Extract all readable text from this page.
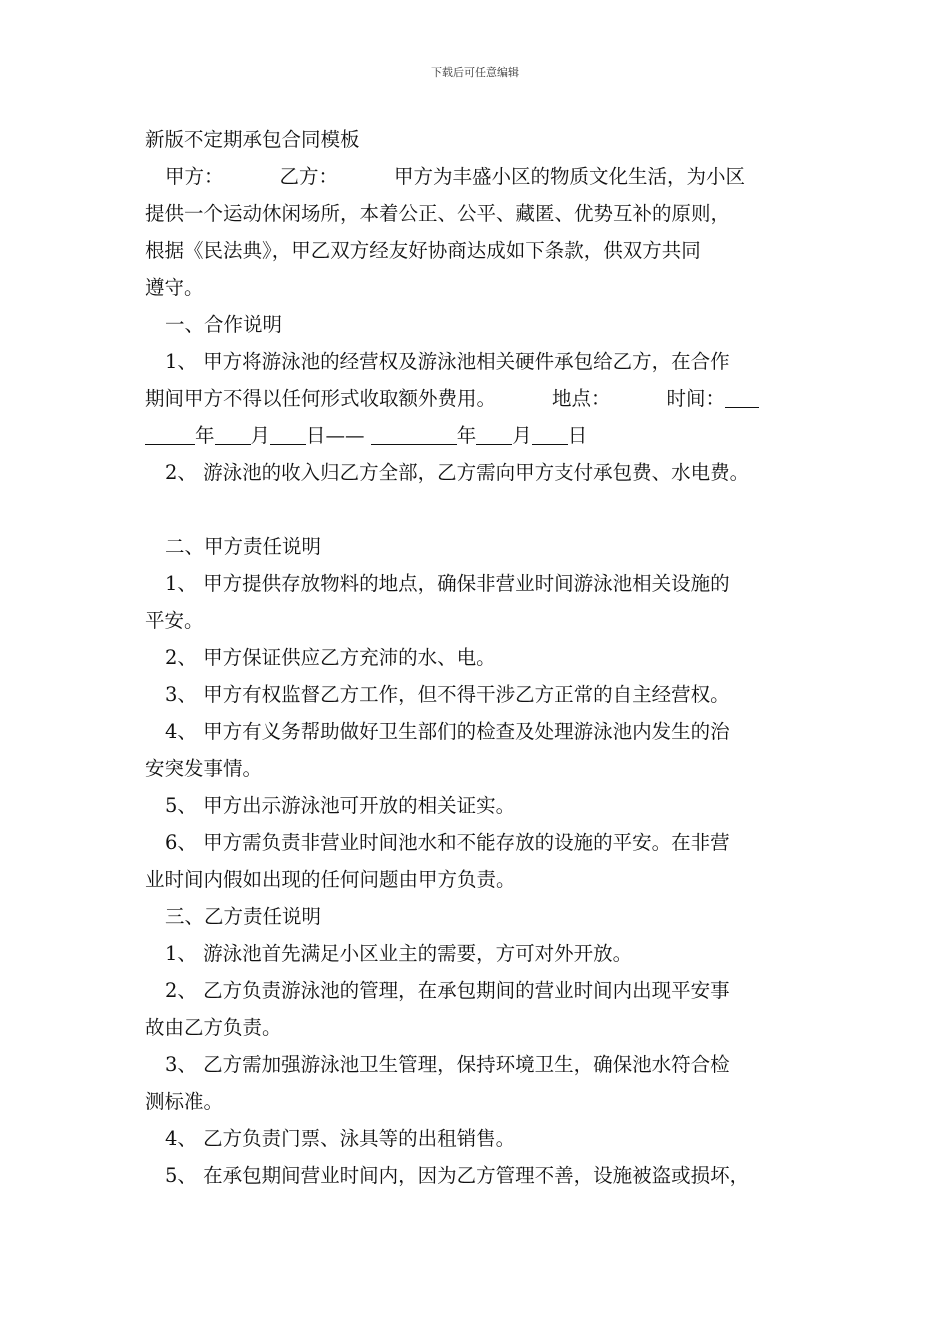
下载后可任意编辑

新版不定期承包合同模板

甲方：	乙方：	甲方为丰盛小区的物质文化生活，为小区

提供一个运动休闲场所，本着公正、公平、藏匿、优势互补的原则，

根据《民法典》，甲乙双方经友好协商达成如下条款，供双方共同

遵守。

一、合作说明

1、 甲方将游泳池的经营权及游泳池相关硬件承包给乙方，在合作

期间甲方不得以任何形式收取额外费用。	地点：	时间：

年 月 日——	年 月 日

2、 游泳池的收入归乙方全部，乙方需向甲方支付承包费、水电费。

二、甲方责任说明

1、 甲方提供存放物料的地点，确保非营业时间游泳池相关设施的

平安。

2、 甲方保证供应乙方充沛的水、电。

3、 甲方有权监督乙方工作，但不得干涉乙方正常的自主经营权。

4、 甲方有义务帮助做好卫生部们的检查及处理游泳池内发生的治

安突发事情。

5、 甲方出示游泳池可开放的相关证实。

6、 甲方需负责非营业时间池水和不能存放的设施的平安。在非营

业时间内假如出现的任何问题由甲方负责。

三、乙方责任说明

1、 游泳池首先满足小区业主的需要，方可对外开放。

2、 乙方负责游泳池的管理，在承包期间的营业时间内出现平安事

故由乙方负责。

3、 乙方需加强游泳池卫生管理，保持环境卫生，确保池水符合检

测标准。

4、 乙方负责门票、泳具等的出租销售。

5、 在承包期间营业时间内，因为乙方管理不善，设施被盗或损坏，
